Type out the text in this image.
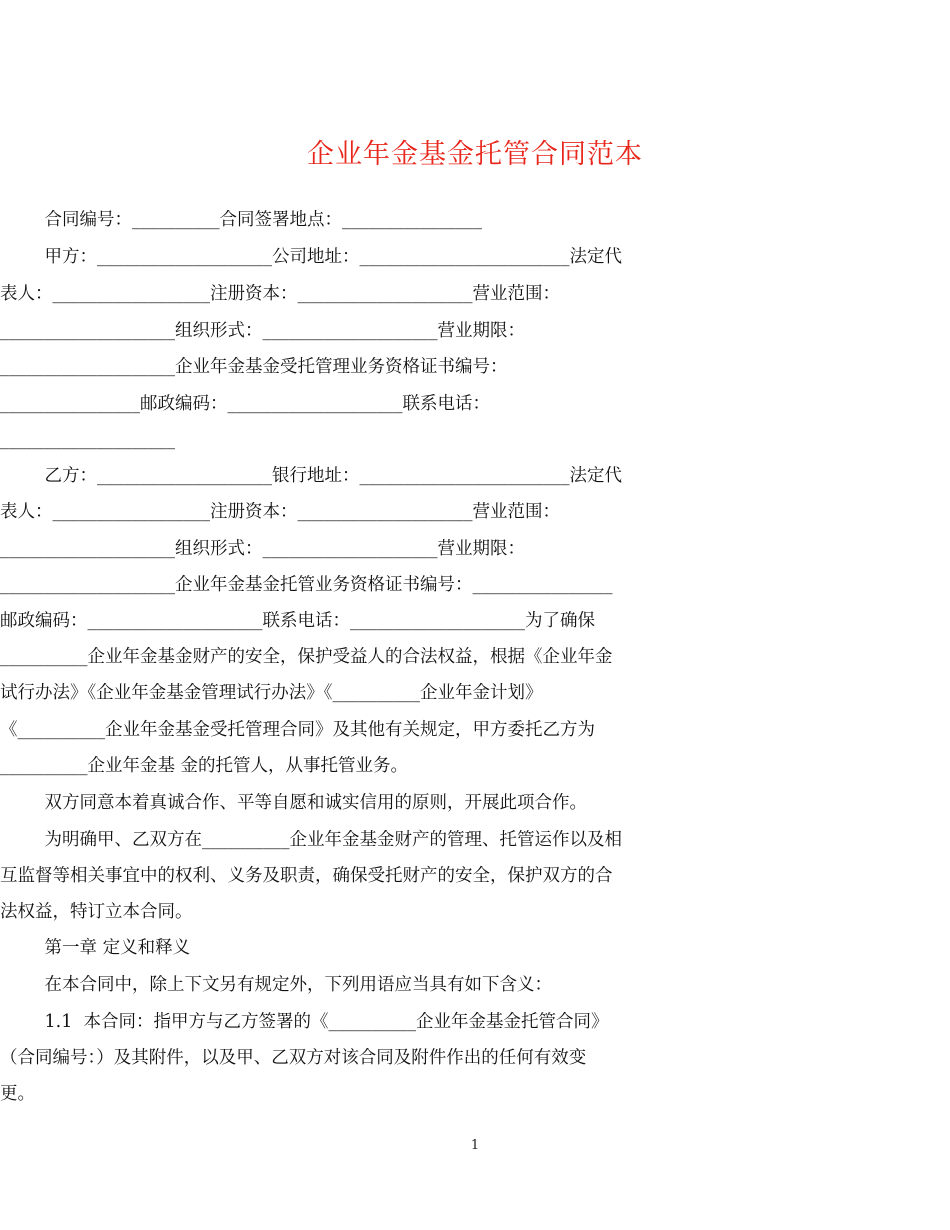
企业年金基金托管合同范本
合同编号：__________合同签署地点：________________
甲方：____________________公司地址：________________________法定代
表人：__________________注册资本：____________________营业范围：
____________________组织形式：____________________营业期限：
____________________企业年金基金受托管理业务资格证书编号：
________________邮政编码：____________________联系电话：
____________________
乙方：____________________银行地址：________________________法定代
表人：__________________注册资本：____________________营业范围：
____________________组织形式：____________________营业期限：
____________________企业年金基金托管业务资格证书编号：________________
邮政编码：____________________联系电话：____________________为了确保
__________企业年金基金财产的安全，保护受益人的合法权益，根据《企业年金
试行办法》《企业年金基金管理试行办法》《__________企业年金计划》
《__________企业年金基金受托管理合同》及其他有关规定，甲方委托乙方为
__________企业年金基 金的托管人，从事托管业务。
双方同意本着真诚合作、平等自愿和诚实信用的原则，开展此项合作。
为明确甲、乙双方在__________企业年金基金财产的管理、托管运作以及相
互监督等相关事宜中的权利、义务及职责，确保受托财产的安全，保护双方的合
法权益，特订立本合同。
第一章 定义和释义
在本合同中，除上下文另有规定外，下列用语应当具有如下含义：
1.1  本合同：指甲方与乙方签署的《__________企业年金基金托管合同》
（合同编号：）及其附件，以及甲、乙双方对该合同及附件作出的任何有效变
更。
1
